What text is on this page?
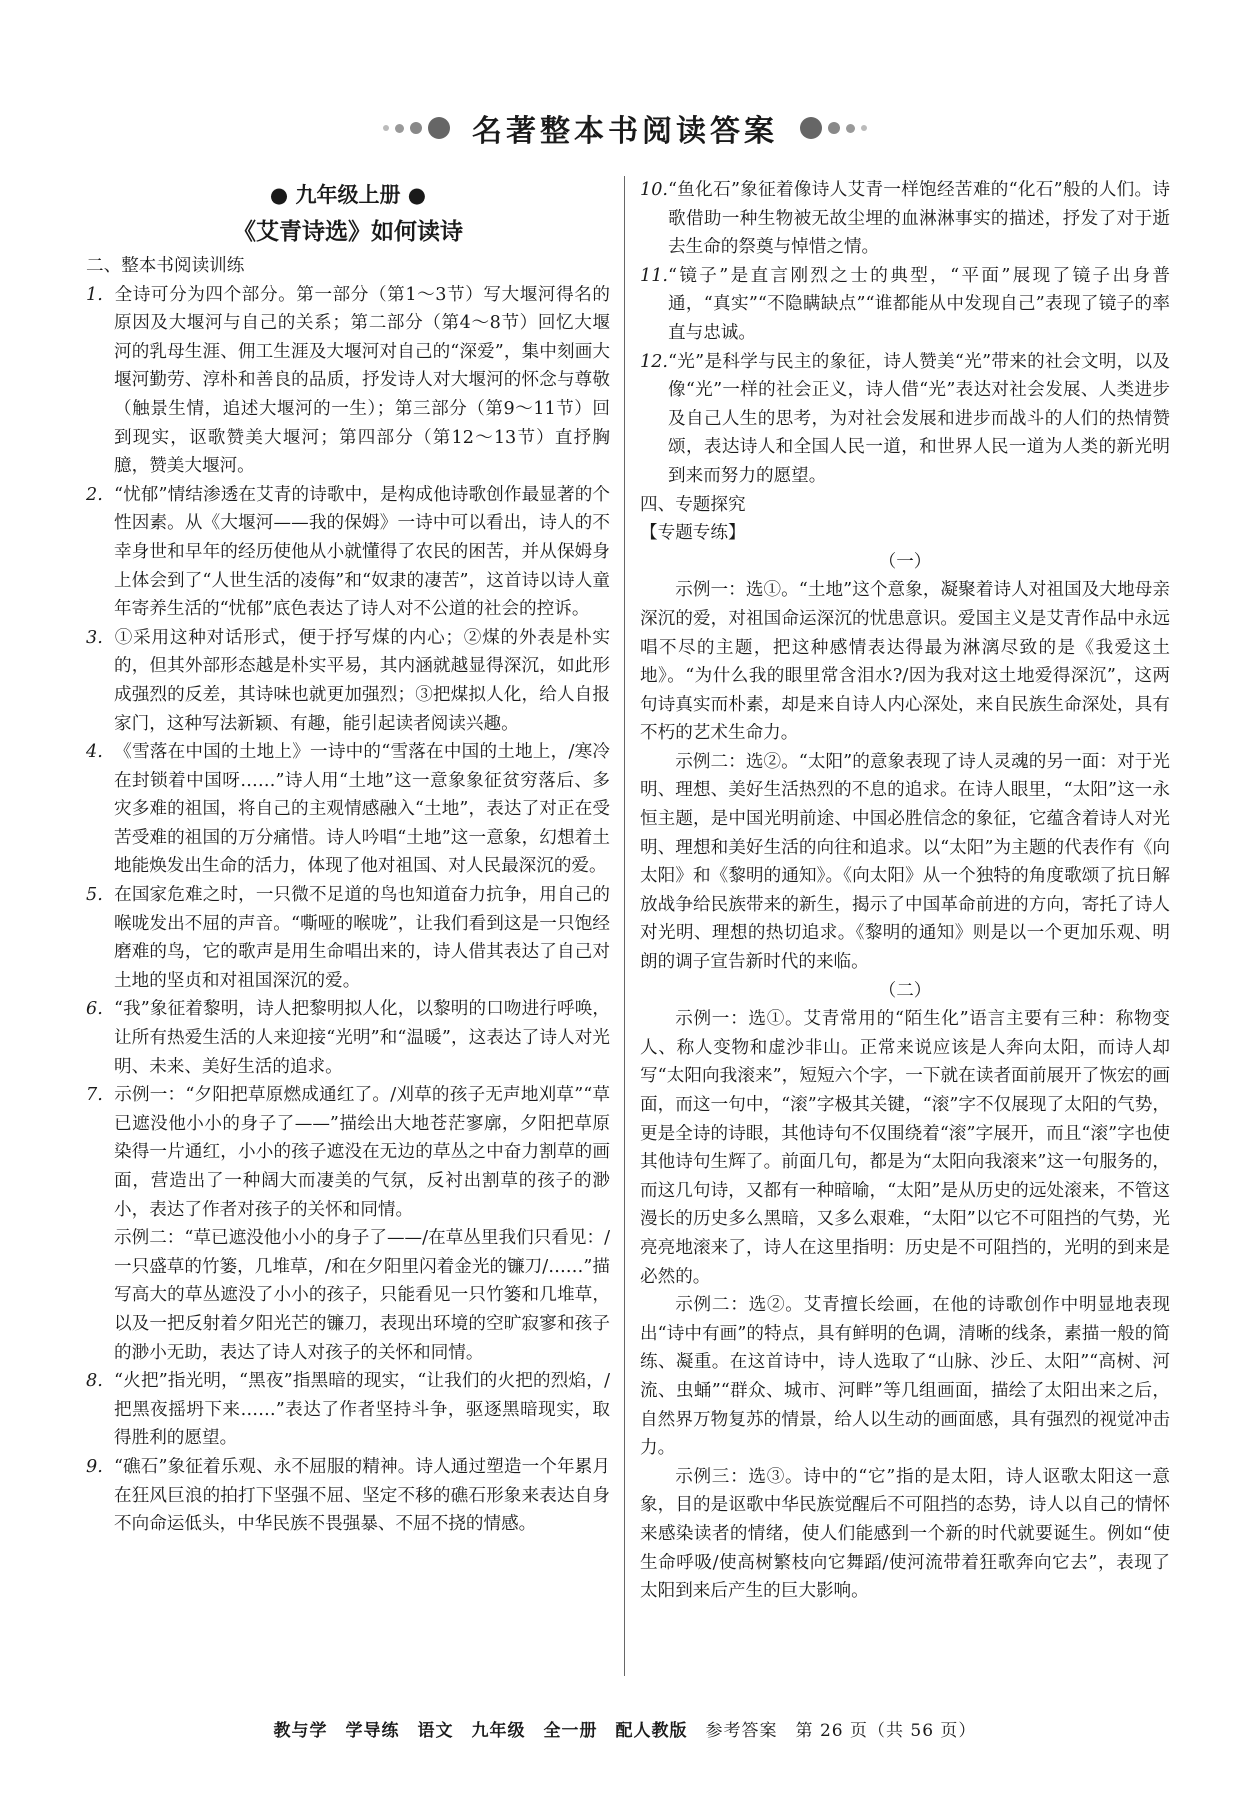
名著整本书阅读答案
● 九年级上册 ●
《艾青诗选》如何读诗

二、整本书阅读训练

1. 全诗可分为四个部分。第一部分（第1～3节）写大堰河得名的原因及大堰河与自己的关系；第二部分（第4～8节）回忆大堰河的乳母生涯、佣工生涯及大堰河对自己的“深爱”，集中刻画大堰河勤劳、淳朴和善良的品质，抒发诗人对大堰河的怀念与尊敬（触景生情，追述大堰河的一生）；第三部分（第9～11节）回到现实，讴歌赞美大堰河；第四部分（第12～13节）直抒胸臆，赞美大堰河。

2. “忧郁”情结渗透在艾青的诗歌中，是构成他诗歌创作最显著的个性因素。从《大堰河——我的保姆》一诗中可以看出，诗人的不幸身世和早年的经历使他从小就懂得了农民的困苦，并从保姆身上体会到了“人世生活的凌侮”和“奴隶的凄苦”，这首诗以诗人童年寄养生活的“忧郁”底色表达了诗人对不公道的社会的控诉。

3. ①采用这种对话形式，便于抒写煤的内心；②煤的外表是朴实的，但其外部形态越是朴实平易，其内涵就越显得深沉，如此形成强烈的反差，其诗味也就更加强烈；③把煤拟人化，给人自报家门，这种写法新颖、有趣，能引起读者阅读兴趣。

4. 《雪落在中国的土地上》一诗中的“雪落在中国的土地上，/寒冷在封锁着中国呀……”诗人用“土地”这一意象象征贫穷落后、多灾多难的祖国，将自己的主观情感融入“土地”，表达了对正在受苦受难的祖国的万分痛惜。诗人吟唱“土地”这一意象，幻想着土地能焕发出生命的活力，体现了他对祖国、对人民最深沉的爱。

5. 在国家危难之时，一只微不足道的鸟也知道奋力抗争，用自己的喉咙发出不屈的声音。“嘶哑的喉咙”，让我们看到这是一只饱经磨难的鸟，它的歌声是用生命唱出来的，诗人借其表达了自己对土地的坚贞和对祖国深沉的爱。

6. “我”象征着黎明，诗人把黎明拟人化，以黎明的口吻进行呼唤，让所有热爱生活的人来迎接“光明”和“温暖”，这表达了诗人对光明、未来、美好生活的追求。

7. 示例一：“夕阳把草原燃成通红了。/刈草的孩子无声地刈草”“草已遮没他小小的身子了——”描绘出大地苍茫寥廓，夕阳把草原染得一片通红，小小的孩子遮没在无边的草丛之中奋力割草的画面，营造出了一种阔大而凄美的气氛，反衬出割草的孩子的渺小，表达了作者对孩子的关怀和同情。

示例二：“草已遮没他小小的身子了——/在草丛里我们只看见：/一只盛草的竹篓，几堆草，/和在夕阳里闪着金光的镰刀/……”描写高大的草丛遮没了小小的孩子，只能看见一只竹篓和几堆草，以及一把反射着夕阳光芒的镰刀，表现出环境的空旷寂寥和孩子的渺小无助，表达了诗人对孩子的关怀和同情。

8. “火把”指光明，“黑夜”指黑暗的现实，“让我们的火把的烈焰，/把黑夜摇坍下来……”表达了作者坚持斗争，驱逐黑暗现实，取得胜利的愿望。

9. “礁石”象征着乐观、永不屈服的精神。诗人通过塑造一个年累月在狂风巨浪的拍打下坚强不屈、坚定不移的礁石形象来表达自身不向命运低头，中华民族不畏强暴、不屈不挠的情感。

10.“鱼化石”象征着像诗人艾青一样饱经苦难的“化石”般的人们。诗歌借助一种生物被无故尘埋的血淋淋事实的描述，抒发了对于逝去生命的祭奠与悼惜之情。

11.“镜子”是直言刚烈之士的典型，“平面”展现了镜子出身普通，“真实”“不隐瞒缺点”“谁都能从中发现自己”表现了镜子的率直与忠诚。

12.“光”是科学与民主的象征，诗人赞美“光”带来的社会文明，以及像“光”一样的社会正义，诗人借“光”表达对社会发展、人类进步及自己人生的思考，为对社会发展和进步而战斗的人们的热情赞颂，表达诗人和全国人民一道，和世界人民一道为人类的新光明到来而努力的愿望。

四、专题探究

【专题专练】

（一）

示例一：选①。“土地”这个意象，凝聚着诗人对祖国及大地母亲深沉的爱，对祖国命运深沉的忧患意识。爱国主义是艾青作品中永远唱不尽的主题，把这种感情表达得最为淋漓尽致的是《我爱这土地》。“为什么我的眼里常含泪水?/因为我对这土地爱得深沉”，这两句诗真实而朴素，却是来自诗人内心深处，来自民族生命深处，具有不朽的艺术生命力。

示例二：选②。“太阳”的意象表现了诗人灵魂的另一面：对于光明、理想、美好生活热烈的不息的追求。在诗人眼里，“太阳”这一永恒主题，是中国光明前途、中国必胜信念的象征，它蕴含着诗人对光明、理想和美好生活的向往和追求。以“太阳”为主题的代表作有《向太阳》和《黎明的通知》。《向太阳》从一个独特的角度歌颂了抗日解放战争给民族带来的新生，揭示了中国革命前进的方向，寄托了诗人对光明、理想的热切追求。《黎明的通知》则是以一个更加乐观、明朗的调子宣告新时代的来临。

（二）

示例一：选①。艾青常用的“陌生化”语言主要有三种：称物变人、称人变物和虚沙非山。正常来说应该是人奔向太阳，而诗人却写“太阳向我滚来”，短短六个字，一下就在读者面前展开了恢宏的画面，而这一句中，“滚”字极其关键，“滚”字不仅展现了太阳的气势，更是全诗的诗眼，其他诗句不仅围绕着“滚”字展开，而且“滚”字也使其他诗句生辉了。前面几句，都是为“太阳向我滚来”这一句服务的，而这几句诗，又都有一种暗喻，“太阳”是从历史的远处滚来，不管这漫长的历史多么黑暗，又多么艰难，“太阳”以它不可阻挡的气势，光亮亮地滚来了，诗人在这里指明：历史是不可阻挡的，光明的到来是必然的。

示例二：选②。艾青擅长绘画，在他的诗歌创作中明显地表现出“诗中有画”的特点，具有鲜明的色调，清晰的线条，素描一般的简练、凝重。在这首诗中，诗人选取了“山脉、沙丘、太阳”“高树、河流、虫蛹”“群众、城市、河畔”等几组画面，描绘了太阳出来之后，自然界万物复苏的情景，给人以生动的画面感，具有强烈的视觉冲击力。

示例三：选③。诗中的“它”指的是太阳，诗人讴歌太阳这一意象，目的是讴歌中华民族觉醒后不可阻挡的态势，诗人以自己的情怀来感染读者的情绪，使人们能感到一个新的时代就要诞生。例如“使生命呼吸/使高树繁枝向它舞蹈/使河流带着狂歌奔向它去”，表现了太阳到来后产生的巨大影响。

教与学　学导练　语文　九年级　全一册　配人教版　 参考答案　第 26 页（共 56 页）
